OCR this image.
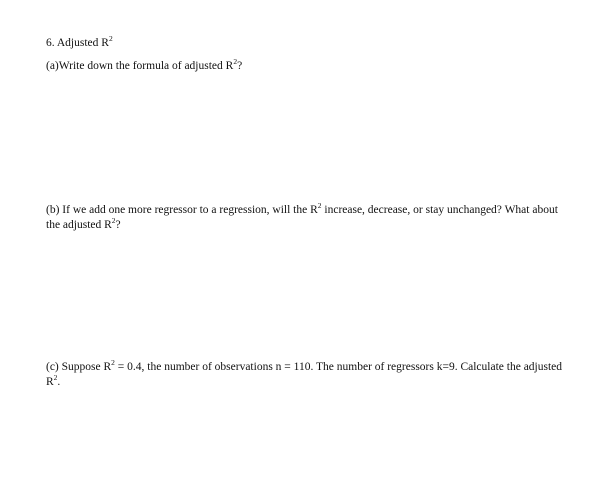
6. Adjusted $R^2$
(a)Write down the formula of adjusted $R^2$?
(b) If we add one more regressor to a regression, will the $R^2$ increase, decrease, or stay unchanged? What about the adjusted $R^2$?
(c) Suppose $R^2 = 0.4$, the number of observations n = 110. The number of regressors k=9. Calculate the adjusted $R^2$.
